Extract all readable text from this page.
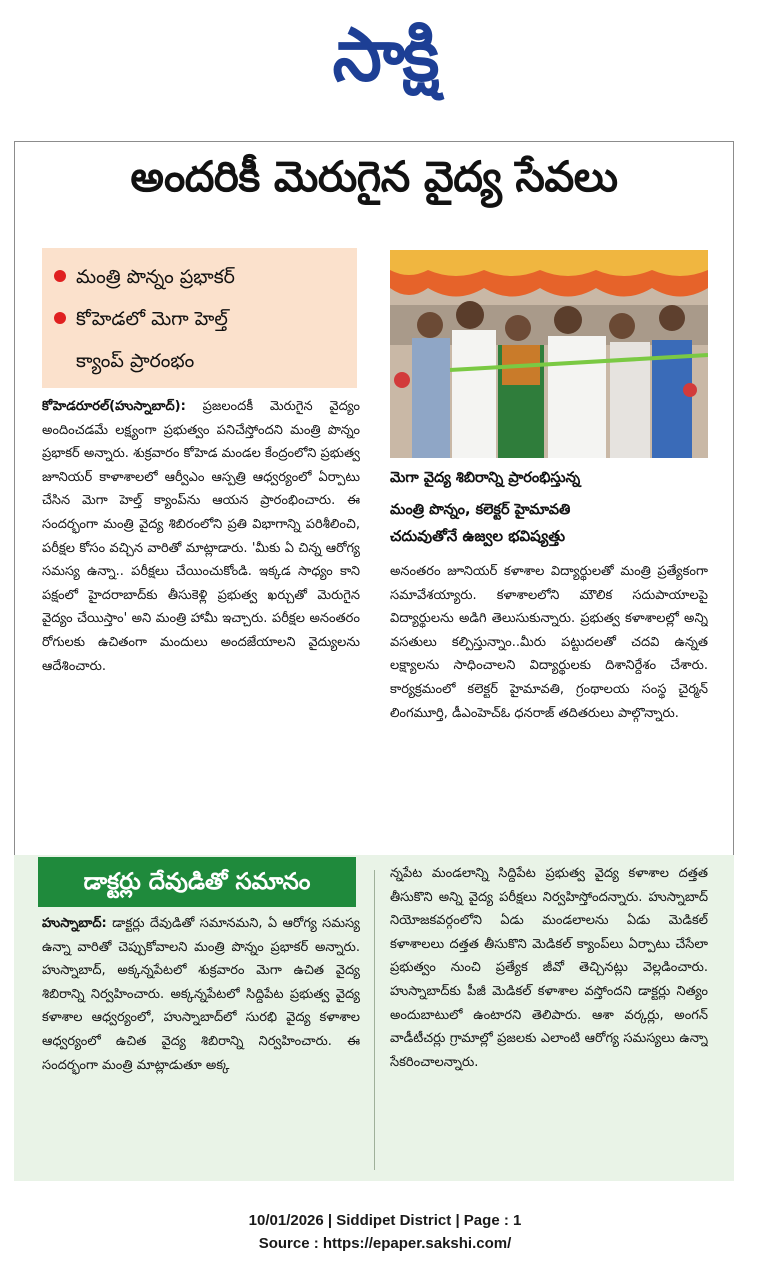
సాక్షి
అందరికీ మెరుగైన వైద్య సేవలు
మంత్రి పొన్నం ప్రభాకర్
కోహెడలో మెగా హెల్త్
క్యాంప్ ప్రారంభం
మెగా వైద్య శిబిరాన్ని ప్రారంభిస్తున్న
మంత్రి పొన్నం, కలెక్టర్ హైమావతి
చదువుతోనే ఉజ్వల భవిష్యత్తు

కోహెడరూరల్(హుస్నాబాద్): ప్రజలందకీ మెరుగైన వైద్యం అందించడమే లక్ష్యంగా ప్రభుత్వం పనిచేస్తోందని మంత్రి పొన్నం ప్రభాకర్ అన్నారు. శుక్రవారం కోహెడ మండల కేంద్రంలోని ప్రభుత్వ జూనియర్ కాళాశాలలో ఆర్వీఎం ఆస్పత్రి ఆధ్వర్యంలో ఏర్పాటు చేసిన మెగా హెల్త్ క్యాంప్‌ను ఆయన ప్రారంభించారు. ఈ సందర్భంగా మంత్రి వైద్య శిబిరంలోని ప్రతి విభాగాన్ని పరిశీలించి, పరీక్షల కోసం వచ్చిన వారితో మాట్లాడారు. 'మీకు ఏ చిన్న ఆరోగ్య సమస్య ఉన్నా.. పరీక్షలు చేయించుకోండి. ఇక్కడ సాధ్యం కాని పక్షంలో హైదరాబాద్‌కు తీసుకెళ్లి ప్రభుత్వ ఖర్చుతో మెరుగైన వైద్యం చేయిస్తాం' అని మంత్రి హామీ ఇచ్చారు. పరీక్షల అనంతరం రోగులకు ఉచితంగా మందులు అందజేయాలని వైద్యులను ఆదేశించారు.

అనంతరం జూనియర్ కళాశాల విద్యార్థులతో మంత్రి ప్రత్యేకంగా సమావేశయ్యారు. కళాశాలలోని మౌలిక సదుపాయాలపై విద్యార్థులను అడిగి తెలుసుకున్నారు. ప్రభుత్వ కళాశాలల్లో అన్ని వసతులు కల్పిస్తున్నాం..మీరు పట్టుదలతో చదవి ఉన్నత లక్ష్యాలను సాధించాలని విద్యార్థులకు దిశానిర్దేశం చేశారు. కార్యక్రమంలో కలెక్టర్ హైమావతి, గ్రంథాలయ సంస్థ చైర్మన్ లింగమూర్తి, డీఎంహెచ్ఓ ధనరాజ్ తదితరులు పాల్గొన్నారు.

డాక్టర్లు దేవుడితో సమానం

హుస్నాబాద్: డాక్టర్లు దేవుడితో సమానమని, ఏ ఆరోగ్య సమస్య ఉన్నా వారితో చెప్పుకోవాలని మంత్రి పొన్నం ప్రభాకర్ అన్నారు. హుస్నాబాద్, అక్కన్నపేటలో శుక్రవారం మెగా ఉచిత వైద్య శిబిరాన్ని నిర్వహించారు. అక్కన్నపేటలో సిద్దిపేట ప్రభుత్వ వైద్య కళాశాల ఆధ్వర్యంలో, హుస్నాబాద్‌లో సురభి వైద్య కళాశాల ఆధ్వర్యంలో ఉచిత వైద్య శిబిరాన్ని నిర్వహించారు. ఈ సందర్భంగా మంత్రి మాట్లాడుతూ అక్క

న్నపేట మండలాన్ని సిద్దిపేట ప్రభుత్వ వైద్య కళాశాల దత్తత తీసుకొని అన్ని వైద్య పరీక్షలు నిర్వహిస్తోందన్నారు. హుస్నాబాద్ నియోజకవర్గంలోని ఏడు మండలాలను ఏడు మెడికల్ కళాశాలలు దత్తత తీసుకొని మెడికల్ క్యాంప్‌లు ఏర్పాటు చేసేలా ప్రభుత్వం నుంచి ప్రత్యేక జీవో తెచ్చినట్లు వెల్లడించారు. హుస్నాబాద్‌కు పీజీ మెడికల్ కళాశాల వస్తోందని డాక్టర్లు నిత్యం అందుబాటులో ఉంటారని తెలిపారు. ఆశా వర్కర్లు, అంగన్ వాడీటీచర్లు గ్రామాల్లో ప్రజలకు ఎలాంటి ఆరోగ్య సమస్యలు ఉన్నా సేకరించాలన్నారు.

10/01/2026 | Siddipet District | Page : 1
Source : https://epaper.sakshi.com/
